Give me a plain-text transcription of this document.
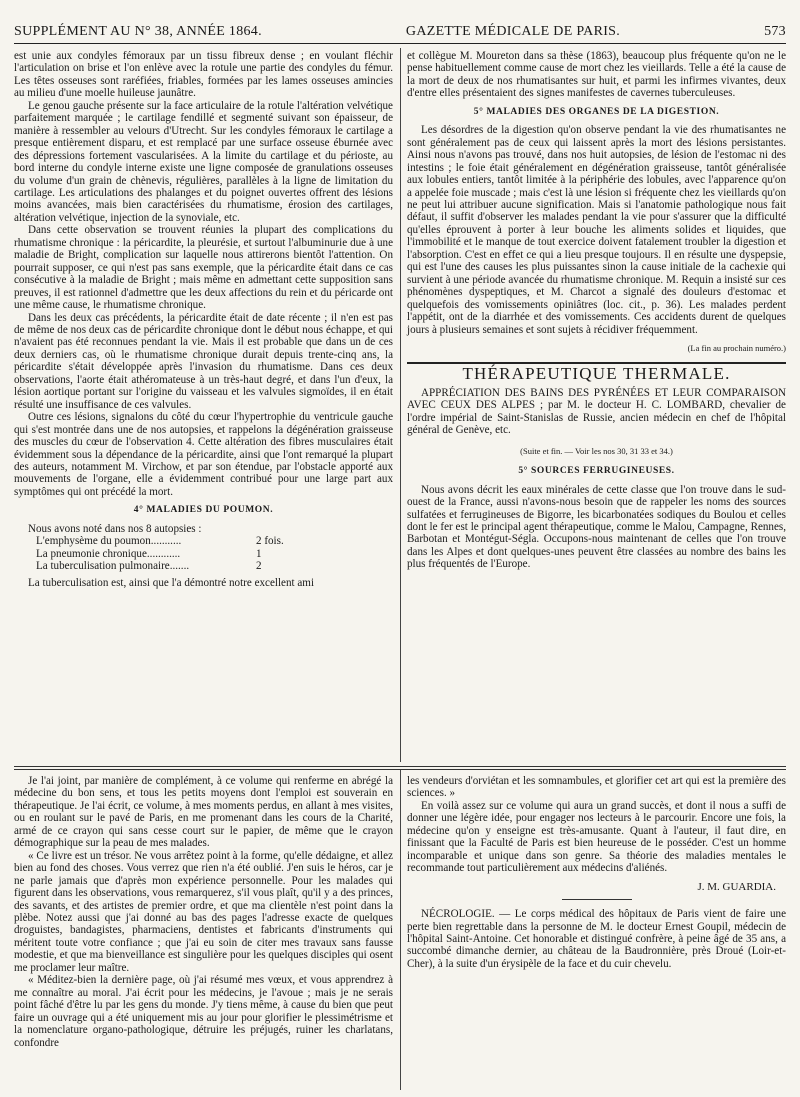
SUPPLÉMENT AU N° 38, ANNÉE 1864.	GAZETTE MÉDICALE DE PARIS.	573

est unie aux condyles fémoraux par un tissu fibreux dense ; en voulant fléchir l'articulation on brise et l'on enlève avec la rotule une partie des condyles du fémur. Les têtes osseuses sont raréfiées, friables, formées par les lames osseuses amincies au milieu d'une moelle huileuse jaunâtre.

Le genou gauche présente sur la face articulaire de la rotule l'altération velvétique parfaitement marquée ; le cartilage fendillé et segmenté suivant son épaisseur, de manière à ressembler au velours d'Utrecht. Sur les condyles fémoraux le cartilage a presque entièrement disparu, et est remplacé par une surface osseuse éburnée avec des dépressions fortement vascularisées. A la limite du cartilage et du périoste, au bord interne du condyle interne existe une ligne composée de granulations osseuses du volume d'un grain de chènevis, régulières, parallèles à la ligne de limitation du cartilage. Les articulations des phalanges et du poignet ouvertes offrent des lésions moins avancées, mais bien caractérisées du rhumatisme, érosion des cartilages, altération velvétique, injection de la synoviale, etc.

Dans cette observation se trouvent réunies la plupart des complications du rhumatisme chronique : la péricardite, la pleurésie, et surtout l'albuminurie due à une maladie de Bright, complication sur laquelle nous attirerons bientôt l'attention. On pourrait supposer, ce qui n'est pas sans exemple, que la péricardite était dans ce cas consécutive à la maladie de Bright ; mais même en admettant cette supposition sans preuves, il est rationnel d'admettre que les deux affections du rein et du péricarde ont une même cause, le rhumatisme chronique.

Dans les deux cas précédents, la péricardite était de date récente ; il n'en est pas de même de nos deux cas de péricardite chronique dont le début nous échappe, et qui n'avaient pas été reconnues pendant la vie. Mais il est probable que dans un de ces deux derniers cas, où le rhumatisme chronique durait depuis trente-cinq ans, la péricardite s'était développée après l'invasion du rhumatisme. Dans ces deux observations, l'aorte était athéromateuse à un très-haut degré, et dans l'un d'eux, la lésion aortique portant sur l'origine du vaisseau et les valvules sigmoïdes, il en était résulté une insuffisance de ces valvules.

Outre ces lésions, signalons du côté du cœur l'hypertrophie du ventricule gauche qui s'est montrée dans une de nos autopsies, et rappelons la dégénération graisseuse des muscles du cœur de l'observation 4. Cette altération des fibres musculaires était évidemment sous la dépendance de la péricardite, ainsi que l'ont remarqué la plupart des auteurs, notamment M. Virchow, et par son étendue, par l'obstacle apporté aux mouvements de l'organe, elle a évidemment contribué pour une large part aux symptômes qui ont précédé la mort.

4° MALADIES DU POUMON.

Nous avons noté dans nos 8 autopsies :

L'emphysème du poumon...........	2 fois.
La pneumonie chronique............	1
La tuberculisation pulmonaire.......	2

La tuberculisation est, ainsi que l'a démontré notre excellent ami

et collègue M. Moureton dans sa thèse (1863), beaucoup plus fréquente qu'on ne le pense habituellement comme cause de mort chez les vieillards. Telle a été la cause de la mort de deux de nos rhumatisantes sur huit, et parmi les infirmes vivantes, deux d'entre elles présentaient des signes manifestes de cavernes tuberculeuses.

5° MALADIES DES ORGANES DE LA DIGESTION.

Les désordres de la digestion qu'on observe pendant la vie des rhumatisantes ne sont généralement pas de ceux qui laissent après la mort des lésions persistantes. Ainsi nous n'avons pas trouvé, dans nos huit autopsies, de lésion de l'estomac ni des intestins ; le foie était généralement en dégénération graisseuse, tantôt généralisée aux lobules entiers, tantôt limitée à la périphérie des lobules, avec l'apparence qu'on a appelée foie muscade ; mais c'est là une lésion si fréquente chez les vieillards qu'on ne peut lui attribuer aucune signification. Mais si l'anatomie pathologique nous fait défaut, il suffit d'observer les malades pendant la vie pour s'assurer que la difficulté qu'elles éprouvent à porter à leur bouche les aliments solides et liquides, que l'immobilité et le manque de tout exercice doivent fatalement troubler la digestion et l'absorption. C'est en effet ce qui a lieu presque toujours. Il en résulte une dyspepsie, qui est l'une des causes les plus puissantes sinon la cause initiale de la cachexie qui survient à une période avancée du rhumatisme chronique. M. Requin a insisté sur ces phénomènes dyspeptiques, et M. Charcot a signalé des douleurs d'estomac et quelquefois des vomissements opiniâtres (loc. cit., p. 36). Les malades perdent l'appétit, ont de la diarrhée et des vomissements. Ces accidents durent de quelques jours à plusieurs semaines et sont sujets à récidiver fréquemment.

(La fin au prochain numéro.)
THÉRAPEUTIQUE THERMALE.

APPRÉCIATION DES BAINS DES PYRÉNÉES ET LEUR COMPARAISON AVEC CEUX DES ALPES ; par M. le docteur H. C. LOMBARD, chevalier de l'ordre impérial de Saint-Stanislas de Russie, ancien médecin en chef de l'hôpital général de Genève, etc.

(Suite et fin. — Voir les nos 30, 31 33 et 34.)
5° SOURCES FERRUGINEUSES.

Nous avons décrit les eaux minérales de cette classe que l'on trouve dans le sud-ouest de la France, aussi n'avons-nous besoin que de rappeler les noms des sources sulfatées et ferrugineuses de Bigorre, les bicarbonatées sodiques du Boulou et celles dont le fer est le principal agent thérapeutique, comme le Malou, Campagne, Rennes, Barbotan et Montégut-Ségla. Occupons-nous maintenant de celles que l'on trouve dans les Alpes et dont quelques-unes peuvent être classées au nombre des bains les plus fréquentés de l'Europe.

Je l'ai joint, par manière de complément, à ce volume qui renferme en abrégé la médecine du bon sens, et tous les petits moyens dont l'emploi est souverain en thérapeutique. Je l'ai écrit, ce volume, à mes moments perdus, en allant à mes visites, ou en roulant sur le pavé de Paris, en me promenant dans les cours de la Charité, armé de ce crayon qui sans cesse court sur le papier, de même que le crayon démographique sur la peau de mes malades.

« Ce livre est un trésor. Ne vous arrêtez point à la forme, qu'elle dédaigne, et allez bien au fond des choses. Vous verrez que rien n'a été oublié. J'en suis le héros, car je ne parle jamais que d'après mon expérience personnelle. Pour les malades qui figurent dans les observations, vous remarquerez, s'il vous plaît, qu'il y a des princes, des savants, et des artistes de premier ordre, et que ma clientèle n'est point dans la plèbe. Notez aussi que j'ai donné au bas des pages l'adresse exacte de quelques droguistes, bandagistes, pharmaciens, dentistes et fabricants d'instruments qui méritent toute votre confiance ; que j'ai eu soin de citer mes travaux sans fausse modestie, et que ma bienveillance est singulière pour les quelques disciples qui osent me proclamer leur maître.

« Méditez-bien la dernière page, où j'ai résumé mes vœux, et vous apprendrez à me connaître au moral. J'ai écrit pour les médecins, je l'avoue ; mais je ne serais point fâché d'être lu par les gens du monde. J'y tiens même, à cause du bien que peut faire un ouvrage qui a été uniquement mis au jour pour glorifier le plessimétrisme et la nomenclature organo-pathologique, détruire les préjugés, ruiner les charlatans, confondre

les vendeurs d'orviétan et les somnambules, et glorifier cet art qui est la première des sciences. »

En voilà assez sur ce volume qui aura un grand succès, et dont il nous a suffi de donner une légère idée, pour engager nos lecteurs à le parcourir. Encore une fois, la médecine qu'on y enseigne est très-amusante. Quant à l'auteur, il faut dire, en finissant que la Faculté de Paris est bien heureuse de le posséder. C'est un homme incomparable et unique dans son genre. Sa théorie des maladies mentales le recommande tout particulièrement aux médecins d'aliénés.

J. M. GUARDIA.

NÉCROLOGIE. — Le corps médical des hôpitaux de Paris vient de faire une perte bien regrettable dans la personne de M. le docteur Ernest Goupil, médecin de l'hôpital Saint-Antoine. Cet honorable et distingué confrère, à peine âgé de 35 ans, a succombé dimanche dernier, au château de la Baudronnière, près Droué (Loir-et-Cher), à la suite d'un érysipèle de la face et du cuir chevelu.
